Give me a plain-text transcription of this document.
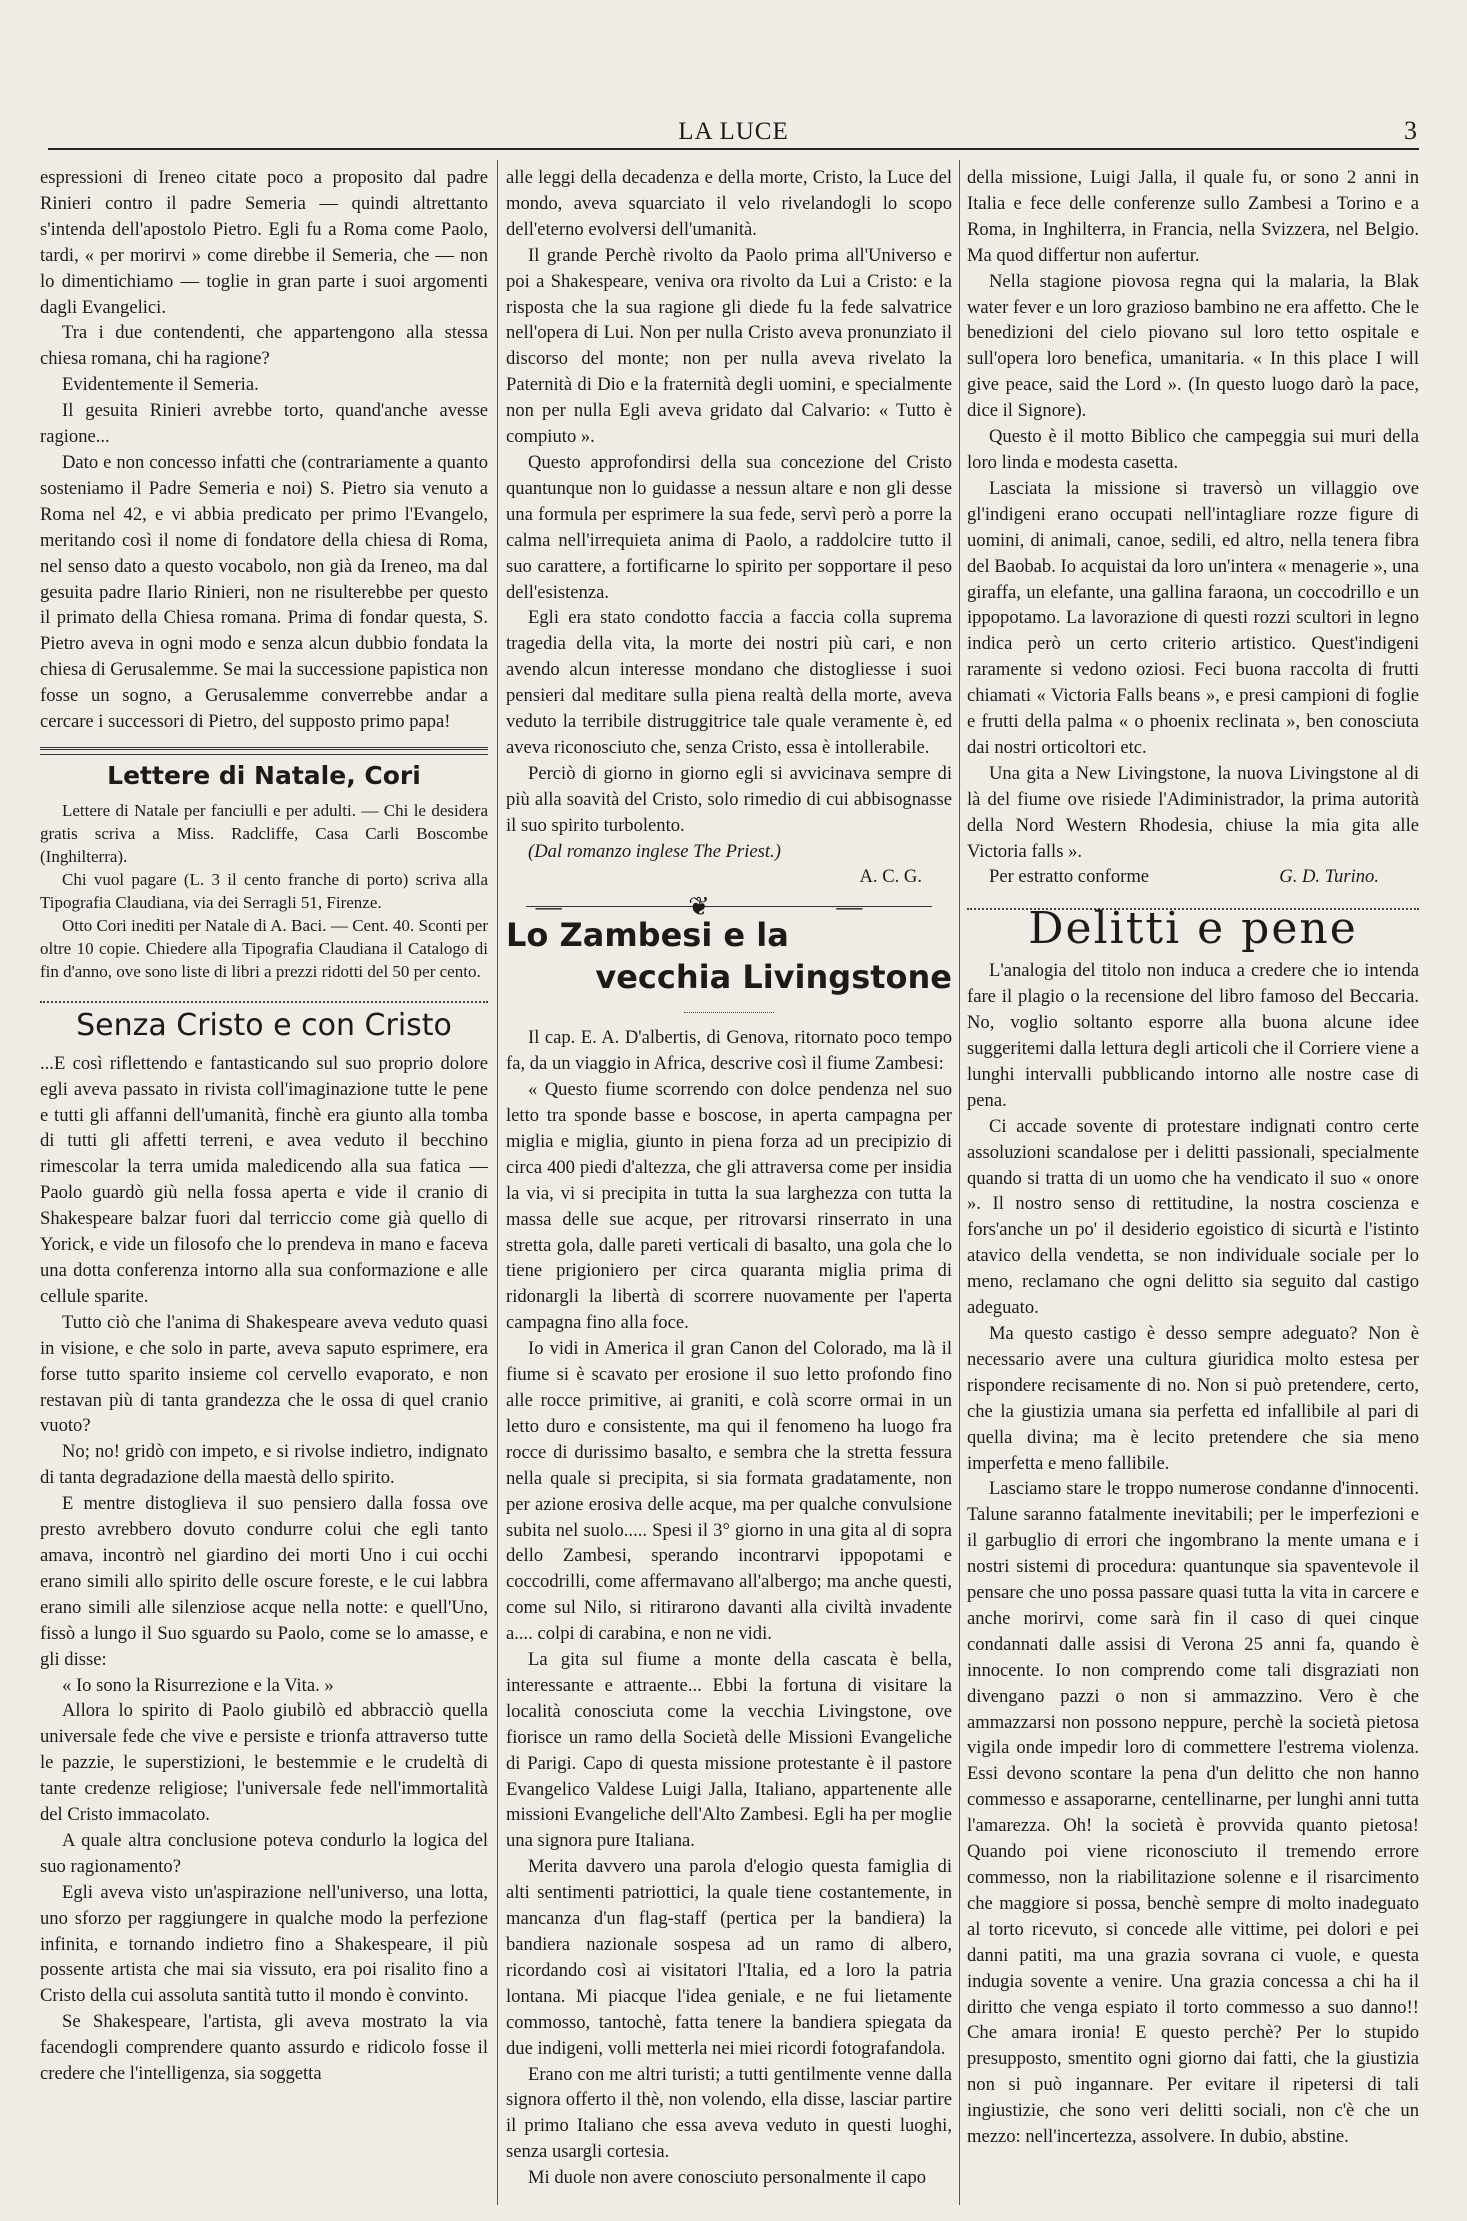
LA LUCE	3

espressioni di Ireneo citate poco a proposito dal padre Rinieri contro il padre Semeria — quindi altrettanto s'intenda dell'apostolo Pietro. Egli fu a Roma come Paolo, tardi, « per morirvi » come direbbe il Semeria, che — non lo dimentichiamo — toglie in gran parte i suoi argomenti dagli Evangelici.

Tra i due contendenti, che appartengono alla stessa chiesa romana, chi ha ragione?

Evidentemente il Semeria.

Il gesuita Rinieri avrebbe torto, quand'anche avesse ragione...

Dato e non concesso infatti che (contrariamente a quanto sosteniamo il Padre Semeria e noi) S. Pietro sia venuto a Roma nel 42, e vi abbia predicato per primo l'Evangelo, meritando così il nome di fondatore della chiesa di Roma, nel senso dato a questo vocabolo, non già da Ireneo, ma dal gesuita padre Ilario Rinieri, non ne risulterebbe per questo il primato della Chiesa romana. Prima di fondar questa, S. Pietro aveva in ogni modo e senza alcun dubbio fondata la chiesa di Gerusalemme. Se mai la successione papistica non fosse un sogno, a Gerusalemme converrebbe andar a cercare i successori di Pietro, del supposto primo papa!

Lettere di Natale, Cori

Lettere di Natale per fanciulli e per adulti. — Chi le desidera gratis scriva a Miss. Radcliffe, Casa Carli Boscombe (Inghilterra).

Chi vuol pagare (L. 3 il cento franche di porto) scriva alla Tipografia Claudiana, via dei Serragli 51, Firenze.

Otto Cori inediti per Natale di A. Baci. — Cent. 40. Sconti per oltre 10 copie. Chiedere alla Tipografia Claudiana il Catalogo di fin d'anno, ove sono liste di libri a prezzi ridotti del 50 per cento.

Senza Cristo e con Cristo

...E così riflettendo e fantasticando sul suo proprio dolore egli aveva passato in rivista coll'imaginazione tutte le pene e tutti gli affanni dell'umanità, finchè era giunto alla tomba di tutti gli affetti terreni, e avea veduto il becchino rimescolar la terra umida maledicendo alla sua fatica — Paolo guardò giù nella fossa aperta e vide il cranio di Shakespeare balzar fuori dal terriccio come già quello di Yorick, e vide un filosofo che lo prendeva in mano e faceva una dotta conferenza intorno alla sua conformazione e alle cellule sparite.

Tutto ciò che l'anima di Shakespeare aveva veduto quasi in visione, e che solo in parte, aveva saputo esprimere, era forse tutto sparito insieme col cervello evaporato, e non restavan più di tanta grandezza che le ossa di quel cranio vuoto?

No; no! gridò con impeto, e si rivolse indietro, indignato di tanta degradazione della maestà dello spirito.

E mentre distoglieva il suo pensiero dalla fossa ove presto avrebbero dovuto condurre colui che egli tanto amava, incontrò nel giardino dei morti Uno i cui occhi erano simili allo spirito delle oscure foreste, e le cui labbra erano simili alle silenziose acque nella notte: e quell'Uno, fissò a lungo il Suo sguardo su Paolo, come se lo amasse, e gli disse:

« Io sono la Risurrezione e la Vita. »

Allora lo spirito di Paolo giubilò ed abbracciò quella universale fede che vive e persiste e trionfa attraverso tutte le pazzie, le superstizioni, le bestemmie e le crudeltà di tante credenze religiose; l'universale fede nell'immortalità del Cristo immacolato.

A quale altra conclusione poteva condurlo la logica del suo ragionamento?

Egli aveva visto un'aspirazione nell'universo, una lotta, uno sforzo per raggiungere in qualche modo la perfezione infinita, e tornando indietro fino a Shakespeare, il più possente artista che mai sia vissuto, era poi risalito fino a Cristo della cui assoluta santità tutto il mondo è convinto.

Se Shakespeare, l'artista, gli aveva mostrato la via facendogli comprendere quanto assurdo e ridicolo fosse il credere che l'intelligenza, sia soggetta

alle leggi della decadenza e della morte, Cristo, la Luce del mondo, aveva squarciato il velo rivelandogli lo scopo dell'eterno evolversi dell'umanità.

Il grande Perchè rivolto da Paolo prima all'Universo e poi a Shakespeare, veniva ora rivolto da Lui a Cristo: e la risposta che la sua ragione gli diede fu la fede salvatrice nell'opera di Lui. Non per nulla Cristo aveva pronunziato il discorso del monte; non per nulla aveva rivelato la Paternità di Dio e la fraternità degli uomini, e specialmente non per nulla Egli aveva gridato dal Calvario: « Tutto è compiuto ».

Questo approfondirsi della sua concezione del Cristo quantunque non lo guidasse a nessun altare e non gli desse una formula per esprimere la sua fede, servì però a porre la calma nell'irrequieta anima di Paolo, a raddolcire tutto il suo carattere, a fortificarne lo spirito per sopportare il peso dell'esistenza.

Egli era stato condotto faccia a faccia colla suprema tragedia della vita, la morte dei nostri più cari, e non avendo alcun interesse mondano che distogliesse i suoi pensieri dal meditare sulla piena realtà della morte, aveva veduto la terribile distruggitrice tale quale veramente è, ed aveva riconosciuto che, senza Cristo, essa è intollerabile.

Perciò di giorno in giorno egli si avvicinava sempre di più alla soavità del Cristo, solo rimedio di cui abbisognasse il suo spirito turbolento.

(Dal romanzo inglese The Priest.)

A. C. G.
— ❦ —
Lo Zambesi e la
vecchia Livingstone

Il cap. E. A. D'albertis, di Genova, ritornato poco tempo fa, da un viaggio in Africa, descrive così il fiume Zambesi:

« Questo fiume scorrendo con dolce pendenza nel suo letto tra sponde basse e boscose, in aperta campagna per miglia e miglia, giunto in piena forza ad un precipizio di circa 400 piedi d'altezza, che gli attraversa come per insidia la via, vi si precipita in tutta la sua larghezza con tutta la massa delle sue acque, per ritrovarsi rinserrato in una stretta gola, dalle pareti verticali di basalto, una gola che lo tiene prigioniero per circa quaranta miglia prima di ridonargli la libertà di scorrere nuovamente per l'aperta campagna fino alla foce.

Io vidi in America il gran Canon del Colorado, ma là il fiume si è scavato per erosione il suo letto profondo fino alle rocce primitive, ai graniti, e colà scorre ormai in un letto duro e consistente, ma qui il fenomeno ha luogo fra rocce di durissimo basalto, e sembra che la stretta fessura nella quale si precipita, si sia formata gradatamente, non per azione erosiva delle acque, ma per qualche convulsione subita nel suolo..... Spesi il 3° giorno in una gita al di sopra dello Zambesi, sperando incontrarvi ippopotami e coccodrilli, come affermavano all'albergo; ma anche questi, come sul Nilo, si ritirarono davanti alla civiltà invadente a.... colpi di carabina, e non ne vidi.

La gita sul fiume a monte della cascata è bella, interessante e attraente... Ebbi la fortuna di visitare la località conosciuta come la vecchia Livingstone, ove fiorisce un ramo della Società delle Missioni Evangeliche di Parigi. Capo di questa missione protestante è il pastore Evangelico Valdese Luigi Jalla, Italiano, appartenente alle missioni Evangeliche dell'Alto Zambesi. Egli ha per moglie una signora pure Italiana.

Merita davvero una parola d'elogio questa famiglia di alti sentimenti patriottici, la quale tiene costantemente, in mancanza d'un flag-staff (pertica per la bandiera) la bandiera nazionale sospesa ad un ramo di albero, ricordando così ai visitatori l'Italia, ed a loro la patria lontana. Mi piacque l'idea geniale, e ne fui lietamente commosso, tantochè, fatta tenere la bandiera spiegata da due indigeni, volli metterla nei miei ricordi fotografandola.

Erano con me altri turisti; a tutti gentilmente venne dalla signora offerto il thè, non volendo, ella disse, lasciar partire il primo Italiano che essa aveva veduto in questi luoghi, senza usargli cortesia.

Mi duole non avere conosciuto personalmente il capo

della missione, Luigi Jalla, il quale fu, or sono 2 anni in Italia e fece delle conferenze sullo Zambesi a Torino e a Roma, in Inghilterra, in Francia, nella Svizzera, nel Belgio. Ma quod differtur non aufertur.

Nella stagione piovosa regna qui la malaria, la Blak water fever e un loro grazioso bambino ne era affetto. Che le benedizioni del cielo piovano sul loro tetto ospitale e sull'opera loro benefica, umanitaria. « In this place I will give peace, said the Lord ». (In questo luogo darò la pace, dice il Signore).

Questo è il motto Biblico che campeggia sui muri della loro linda e modesta casetta.

Lasciata la missione si traversò un villaggio ove gl'indigeni erano occupati nell'intagliare rozze figure di uomini, di animali, canoe, sedili, ed altro, nella tenera fibra del Baobab. Io acquistai da loro un'intera « menagerie », una giraffa, un elefante, una gallina faraona, un coccodrillo e un ippopotamo. La lavorazione di questi rozzi scultori in legno indica però un certo criterio artistico. Quest'indigeni raramente si vedono oziosi. Feci buona raccolta di frutti chiamati « Victoria Falls beans », e presi campioni di foglie e frutti della palma « o phoenix reclinata », ben conosciuta dai nostri orticoltori etc.

Una gita a New Livingstone, la nuova Livingstone al di là del fiume ove risiede l'Adiministrador, la prima autorità della Nord Western Rhodesia, chiuse la mia gita alle Victoria falls ».

Per estratto conforme	G. D. Turino.
Delitti e pene

L'analogia del titolo non induca a credere che io intenda fare il plagio o la recensione del libro famoso del Beccaria. No, voglio soltanto esporre alla buona alcune idee suggeritemi dalla lettura degli articoli che il Corriere viene a lunghi intervalli pubblicando intorno alle nostre case di pena.

Ci accade sovente di protestare indignati contro certe assoluzioni scandalose per i delitti passionali, specialmente quando si tratta di un uomo che ha vendicato il suo « onore ». Il nostro senso di rettitudine, la nostra coscienza e fors'anche un po' il desiderio egoistico di sicurtà e l'istinto atavico della vendetta, se non individuale sociale per lo meno, reclamano che ogni delitto sia seguito dal castigo adeguato.

Ma questo castigo è desso sempre adeguato? Non è necessario avere una cultura giuridica molto estesa per rispondere recisamente di no. Non si può pretendere, certo, che la giustizia umana sia perfetta ed infallibile al pari di quella divina; ma è lecito pretendere che sia meno imperfetta e meno fallibile.

Lasciamo stare le troppo numerose condanne d'innocenti. Talune saranno fatalmente inevitabili; per le imperfezioni e il garbuglio di errori che ingombrano la mente umana e i nostri sistemi di procedura: quantunque sia spaventevole il pensare che uno possa passare quasi tutta la vita in carcere e anche morirvi, come sarà fin il caso di quei cinque condannati dalle assisi di Verona 25 anni fa, quando è innocente. Io non comprendo come tali disgraziati non divengano pazzi o non si ammazzino. Vero è che ammazzarsi non possono neppure, perchè la società pietosa vigila onde impedir loro di commettere l'estrema violenza. Essi devono scontare la pena d'un delitto che non hanno commesso e assaporarne, centellinarne, per lunghi anni tutta l'amarezza. Oh! la società è provvida quanto pietosa! Quando poi viene riconosciuto il tremendo errore commesso, non la riabilitazione solenne e il risarcimento che maggiore si possa, benchè sempre di molto inadeguato al torto ricevuto, si concede alle vittime, pei dolori e pei danni patiti, ma una grazia sovrana ci vuole, e questa indugia sovente a venire. Una grazia concessa a chi ha il diritto che venga espiato il torto commesso a suo danno!! Che amara ironia! E questo perchè? Per lo stupido presupposto, smentito ogni giorno dai fatti, che la giustizia non si può ingannare. Per evitare il ripetersi di tali ingiustizie, che sono veri delitti sociali, non c'è che un mezzo: nell'incertezza, assolvere. In dubio, abstine.
